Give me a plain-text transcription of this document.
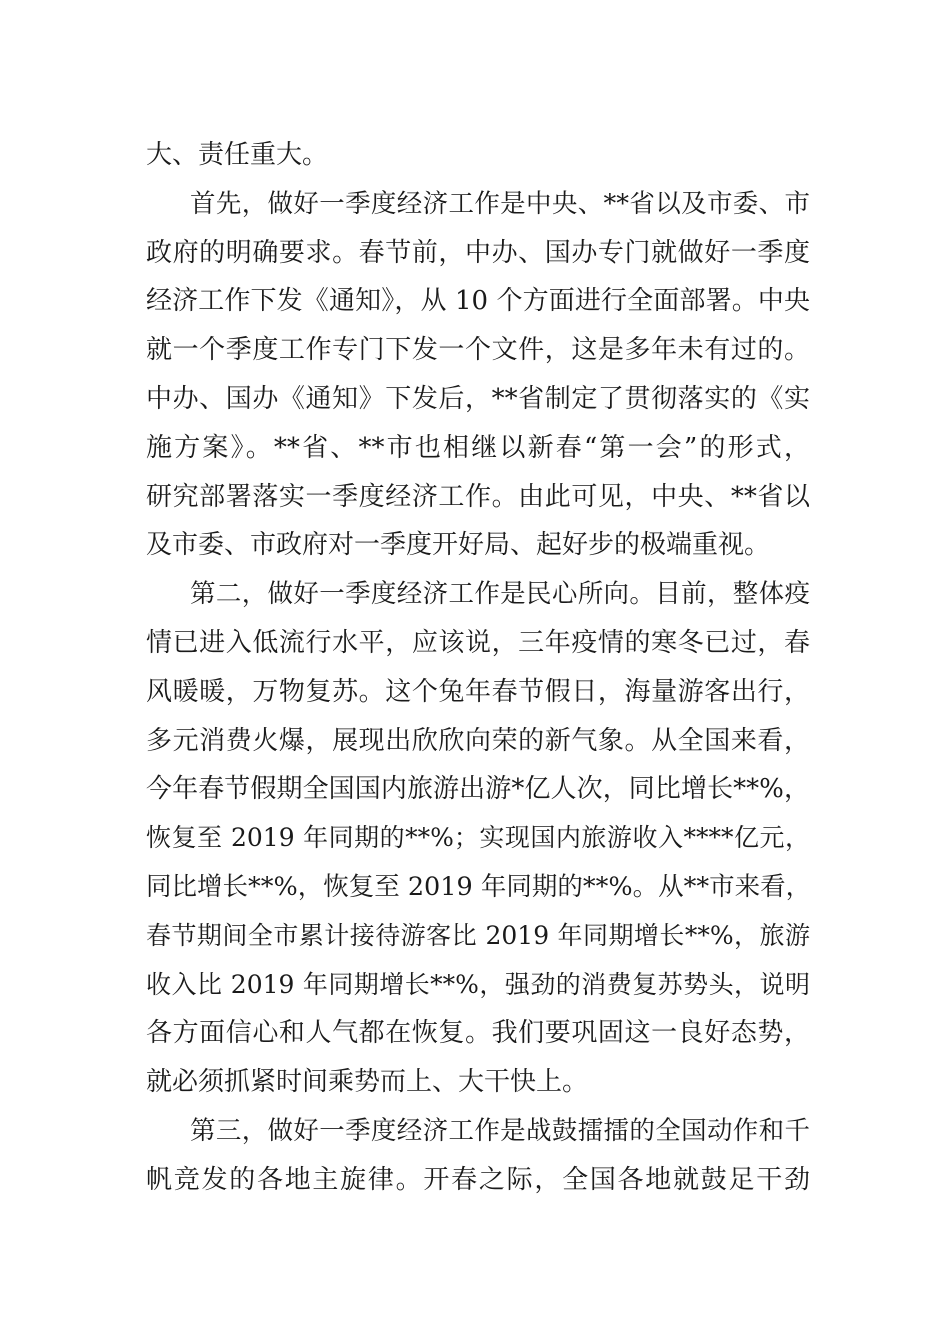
大、责任重大。
首先，做好一季度经济工作是中央、**省以及市委、市
政府的明确要求。春节前，中办、国办专门就做好一季度
经济工作下发《通知》，从 10 个方面进行全面部署。中央
就一个季度工作专门下发一个文件，这是多年未有过的。
中办、国办《通知》下发后，**省制定了贯彻落实的《实
施方案》。**省、**市也相继以新春“第一会”的形式，
研究部署落实一季度经济工作。由此可见，中央、**省以
及市委、市政府对一季度开好局、起好步的极端重视。
第二，做好一季度经济工作是民心所向。目前，整体疫
情已进入低流行水平，应该说，三年疫情的寒冬已过，春
风暖暖，万物复苏。这个兔年春节假日，海量游客出行，
多元消费火爆，展现出欣欣向荣的新气象。从全国来看，
今年春节假期全国国内旅游出游*亿人次，同比增长**%，
恢复至 2019 年同期的**%；实现国内旅游收入****亿元，
同比增长**%，恢复至 2019 年同期的**%。从**市来看，
春节期间全市累计接待游客比 2019 年同期增长**%，旅游
收入比 2019 年同期增长**%，强劲的消费复苏势头，说明
各方面信心和人气都在恢复。我们要巩固这一良好态势，
就必须抓紧时间乘势而上、大干快上。
第三，做好一季度经济工作是战鼓擂擂的全国动作和千
帆竞发的各地主旋律。开春之际，全国各地就鼓足干劲
